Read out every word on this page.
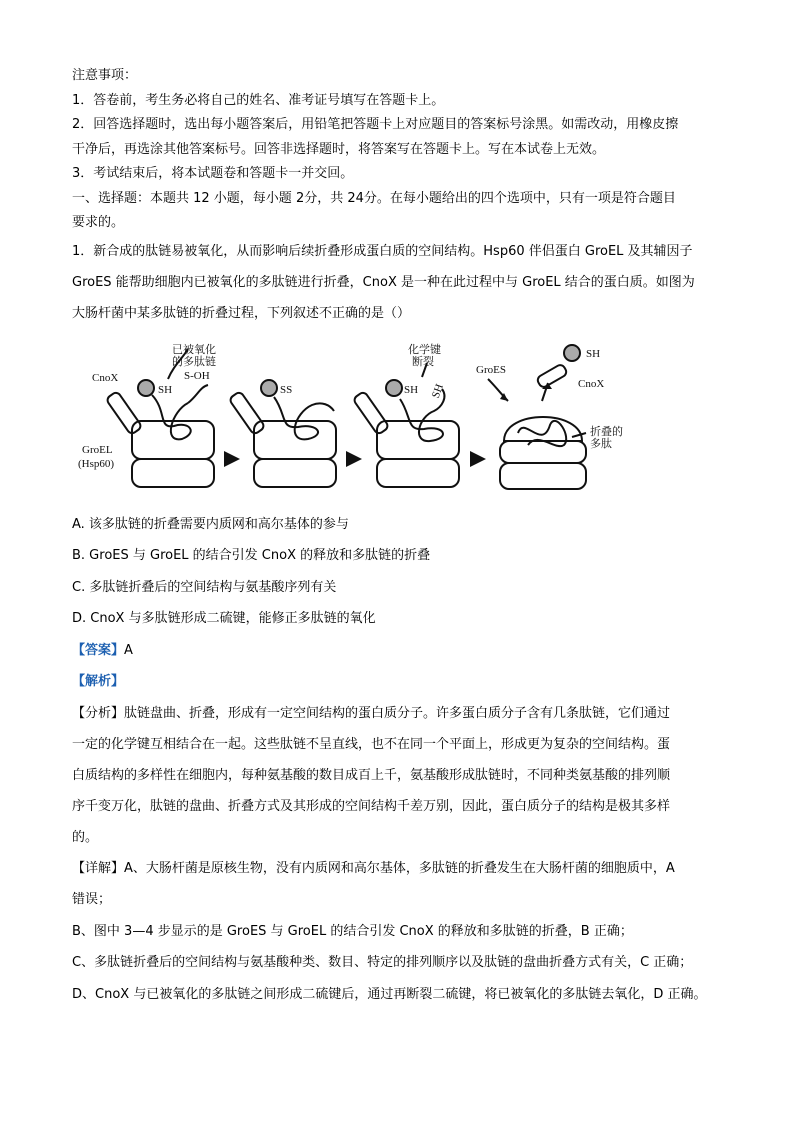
注意事项：
1．答卷前，考生务必将自己的姓名、准考证号填写在答题卡上。
2．回答选择题时，选出每小题答案后，用铅笔把答题卡上对应题目的答案标号涂黑。如需改动，用橡皮擦
干净后，再选涂其他答案标号。回答非选择题时，将答案写在答题卡上。写在本试卷上无效。
3．考试结束后，将本试题卷和答题卡一并交回。
一、选择题：本题共 12 小题，每小题 2分，共 24分。在每小题给出的四个选项中，只有一项是符合题目
要求的。
1．新合成的肽链易被氧化，从而影响后续折叠形成蛋白质的空间结构。Hsp60 伴侣蛋白 GroEL 及其辅因子
GroES 能帮助细胞内已被氧化的多肽链进行折叠，CnoX 是一种在此过程中与 GroEL 结合的蛋白质。如图为
大肠杆菌中某多肽链的折叠过程，下列叙述不正确的是（）
已被氧化
的多肽链
S-OH
CnoX
SH	SS
化学键
断裂
SH SH
GroES
SH
CnoX
折叠的
多肽
GroEL
(Hsp60)
A. 该多肽链的折叠需要内质网和高尔基体的参与
B. GroES 与 GroEL 的结合引发 CnoX 的释放和多肽链的折叠
C. 多肽链折叠后的空间结构与氨基酸序列有关
D. CnoX 与多肽链形成二硫键，能修正多肽链的氧化
【答案】A
【解析】
【分析】肽链盘曲、折叠，形成有一定空间结构的蛋白质分子。许多蛋白质分子含有几条肽链，它们通过
一定的化学键互相结合在一起。这些肽链不呈直线，也不在同一个平面上，形成更为复杂的空间结构。蛋
白质结构的多样性在细胞内，每种氨基酸的数目成百上千，氨基酸形成肽链时，不同种类氨基酸的排列顺
序千变万化，肽链的盘曲、折叠方式及其形成的空间结构千差万别，因此，蛋白质分子的结构是极其多样
的。
【详解】A、大肠杆菌是原核生物，没有内质网和高尔基体，多肽链的折叠发生在大肠杆菌的细胞质中，A
错误；
B、图中 3—4 步显示的是 GroES 与 GroEL 的结合引发 CnoX 的释放和多肽链的折叠，B 正确；
C、多肽链折叠后的空间结构与氨基酸种类、数目、特定的排列顺序以及肽链的盘曲折叠方式有关，C 正确；
D、CnoX 与已被氧化的多肽链之间形成二硫键后，通过再断裂二硫键，将已被氧化的多肽链去氧化，D 正确。
